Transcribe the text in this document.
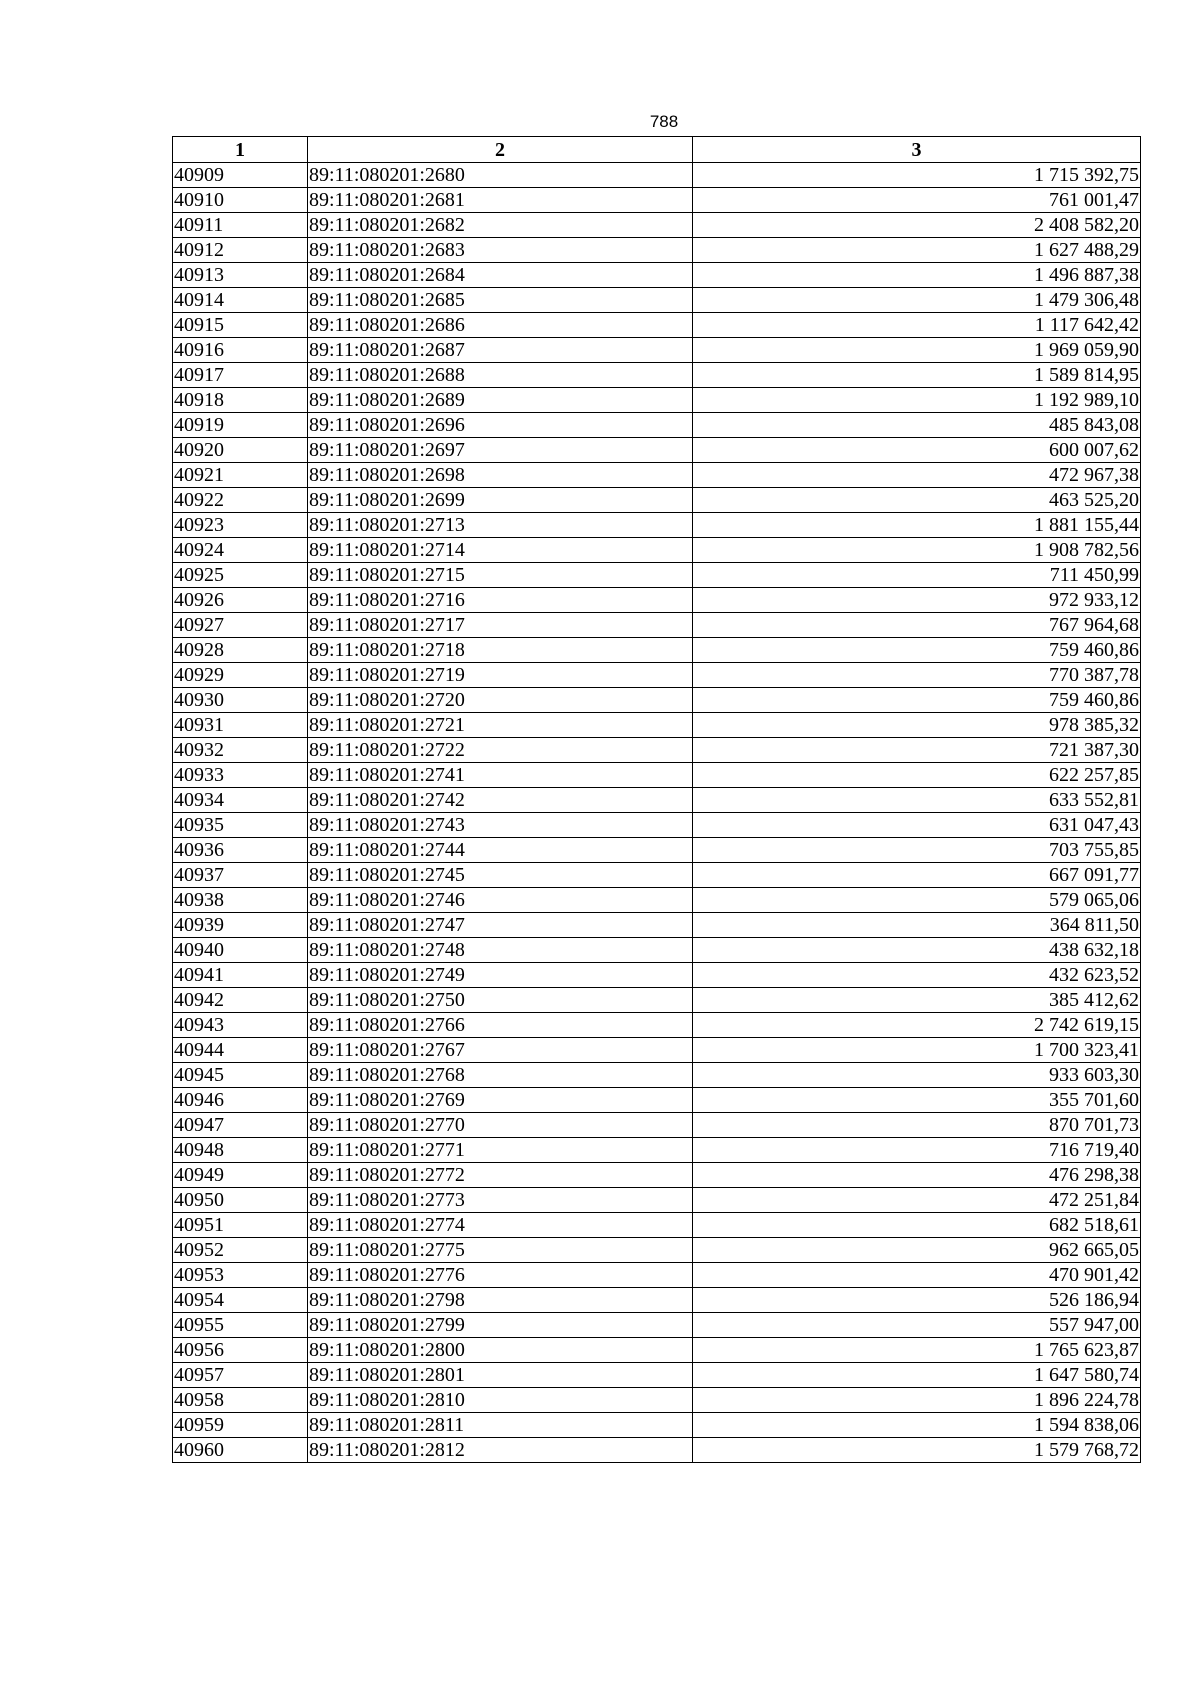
788
1	2	3
40909	89:11:080201:2680	1 715 392,75
40910	89:11:080201:2681	761 001,47
40911	89:11:080201:2682	2 408 582,20
40912	89:11:080201:2683	1 627 488,29
40913	89:11:080201:2684	1 496 887,38
40914	89:11:080201:2685	1 479 306,48
40915	89:11:080201:2686	1 117 642,42
40916	89:11:080201:2687	1 969 059,90
40917	89:11:080201:2688	1 589 814,95
40918	89:11:080201:2689	1 192 989,10
40919	89:11:080201:2696	485 843,08
40920	89:11:080201:2697	600 007,62
40921	89:11:080201:2698	472 967,38
40922	89:11:080201:2699	463 525,20
40923	89:11:080201:2713	1 881 155,44
40924	89:11:080201:2714	1 908 782,56
40925	89:11:080201:2715	711 450,99
40926	89:11:080201:2716	972 933,12
40927	89:11:080201:2717	767 964,68
40928	89:11:080201:2718	759 460,86
40929	89:11:080201:2719	770 387,78
40930	89:11:080201:2720	759 460,86
40931	89:11:080201:2721	978 385,32
40932	89:11:080201:2722	721 387,30
40933	89:11:080201:2741	622 257,85
40934	89:11:080201:2742	633 552,81
40935	89:11:080201:2743	631 047,43
40936	89:11:080201:2744	703 755,85
40937	89:11:080201:2745	667 091,77
40938	89:11:080201:2746	579 065,06
40939	89:11:080201:2747	364 811,50
40940	89:11:080201:2748	438 632,18
40941	89:11:080201:2749	432 623,52
40942	89:11:080201:2750	385 412,62
40943	89:11:080201:2766	2 742 619,15
40944	89:11:080201:2767	1 700 323,41
40945	89:11:080201:2768	933 603,30
40946	89:11:080201:2769	355 701,60
40947	89:11:080201:2770	870 701,73
40948	89:11:080201:2771	716 719,40
40949	89:11:080201:2772	476 298,38
40950	89:11:080201:2773	472 251,84
40951	89:11:080201:2774	682 518,61
40952	89:11:080201:2775	962 665,05
40953	89:11:080201:2776	470 901,42
40954	89:11:080201:2798	526 186,94
40955	89:11:080201:2799	557 947,00
40956	89:11:080201:2800	1 765 623,87
40957	89:11:080201:2801	1 647 580,74
40958	89:11:080201:2810	1 896 224,78
40959	89:11:080201:2811	1 594 838,06
40960	89:11:080201:2812	1 579 768,72
